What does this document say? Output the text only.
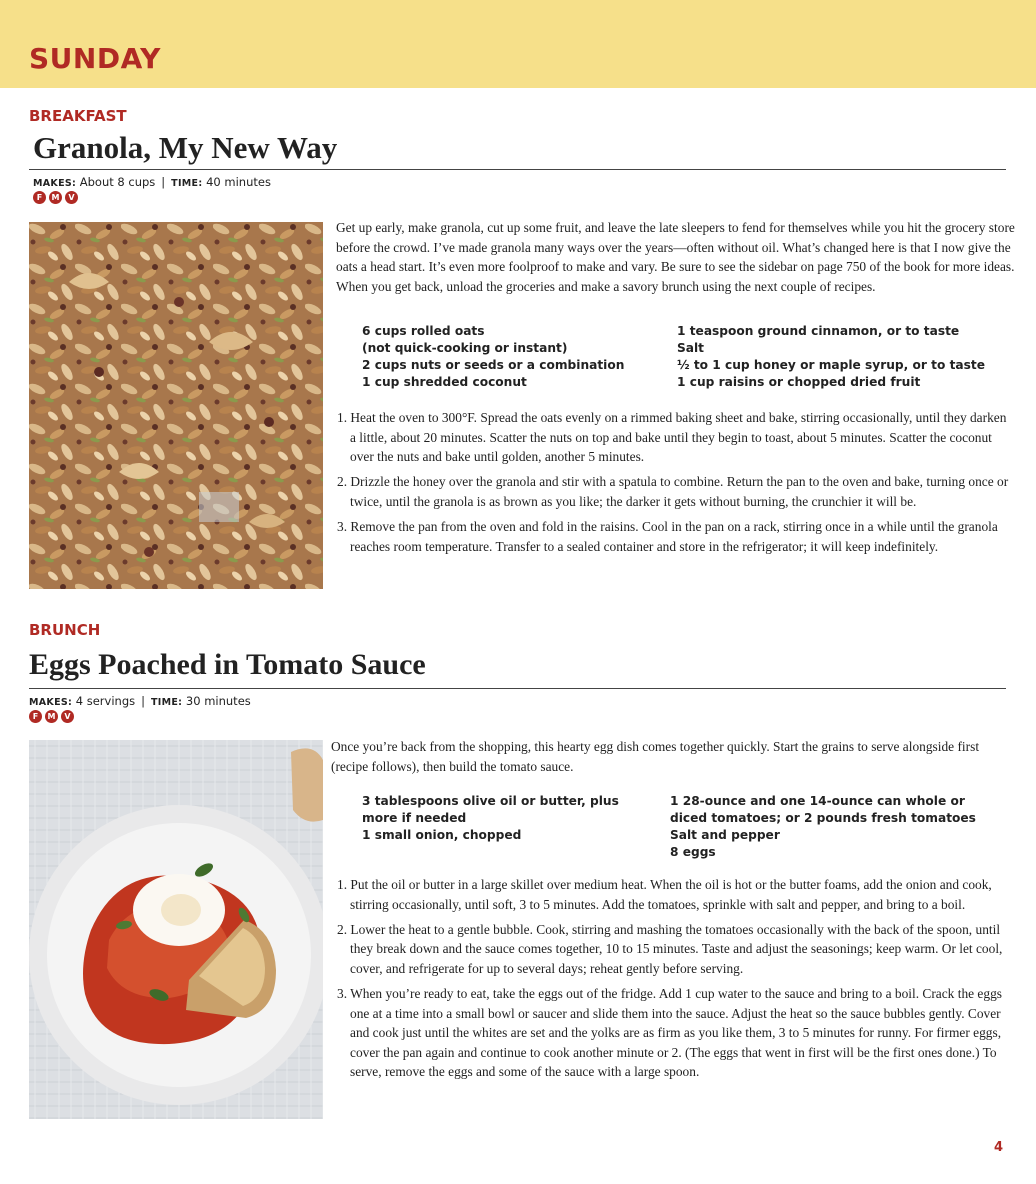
SUNDAY
BREAKFAST
Granola, My New Way
MAKES: About 8 cups | TIME: 40 minutes
F	M	V
Get up early, make granola, cut up some fruit, and leave the late sleepers to fend for themselves while you hit the grocery store before the crowd. I’ve made granola many ways over the years—often without oil. What’s changed here is that I now give the oats a head start. It’s even more foolproof to make and vary. Be sure to see the sidebar on page 750 of the book for more ideas. When you get back, unload the groceries and make a savory brunch using the next couple of recipes.
6 cups rolled oats
(not quick-cooking or instant)
2 cups nuts or seeds or a combination
1 cup shredded coconut
1 teaspoon ground cinnamon, or to taste
Salt
½ to 1 cup honey or maple syrup, or to taste
1 cup raisins or chopped dried fruit
1. Heat the oven to 300°F. Spread the oats evenly on a rimmed baking sheet and bake, stirring occasionally, until they darken a little, about 20 minutes. Scatter the nuts on top and bake until they begin to toast, about 5 minutes. Scatter the coconut over the nuts and bake until golden, another 5 minutes.
2. Drizzle the honey over the granola and stir with a spatula to combine. Return the pan to the oven and bake, turning once or twice, until the granola is as brown as you like; the darker it gets without burning, the crunchier it will be.
3. Remove the pan from the oven and fold in the raisins. Cool in the pan on a rack, stirring once in a while until the granola reaches room temperature. Transfer to a sealed container and store in the refrigerator; it will keep indefinitely.
BRUNCH
Eggs Poached in Tomato Sauce
MAKES: 4 servings | TIME: 30 minutes
F	M	V
Once you’re back from the shopping, this hearty egg dish comes together quickly. Start the grains to serve alongside first (recipe follows), then build the tomato sauce.
3 tablespoons olive oil or butter, plus
more if needed
1 small onion, chopped
1 28-ounce and one 14-ounce can whole or
diced tomatoes; or 2 pounds fresh tomatoes
Salt and pepper
8 eggs
1. Put the oil or butter in a large skillet over medium heat. When the oil is hot or the butter foams, add the onion and cook, stirring occasionally, until soft, 3 to 5 minutes. Add the tomatoes, sprinkle with salt and pepper, and bring to a boil.
2. Lower the heat to a gentle bubble. Cook, stirring and mashing the tomatoes occasionally with the back of the spoon, until they break down and the sauce comes together, 10 to 15 minutes. Taste and adjust the seasonings; keep warm. Or let cool, cover, and refrigerate for up to several days; reheat gently before serving.
3. When you’re ready to eat, take the eggs out of the fridge. Add 1 cup water to the sauce and bring to a boil. Crack the eggs one at a time into a small bowl or saucer and slide them into the sauce. Adjust the heat so the sauce bubbles gently. Cover and cook just until the whites are set and the yolks are as firm as you like them, 3 to 5 minutes for runny. For firmer eggs, cover the pan again and continue to cook another minute or 2. (The eggs that went in first will be the first ones done.) To serve, remove the eggs and some of the sauce with a large spoon.
4
